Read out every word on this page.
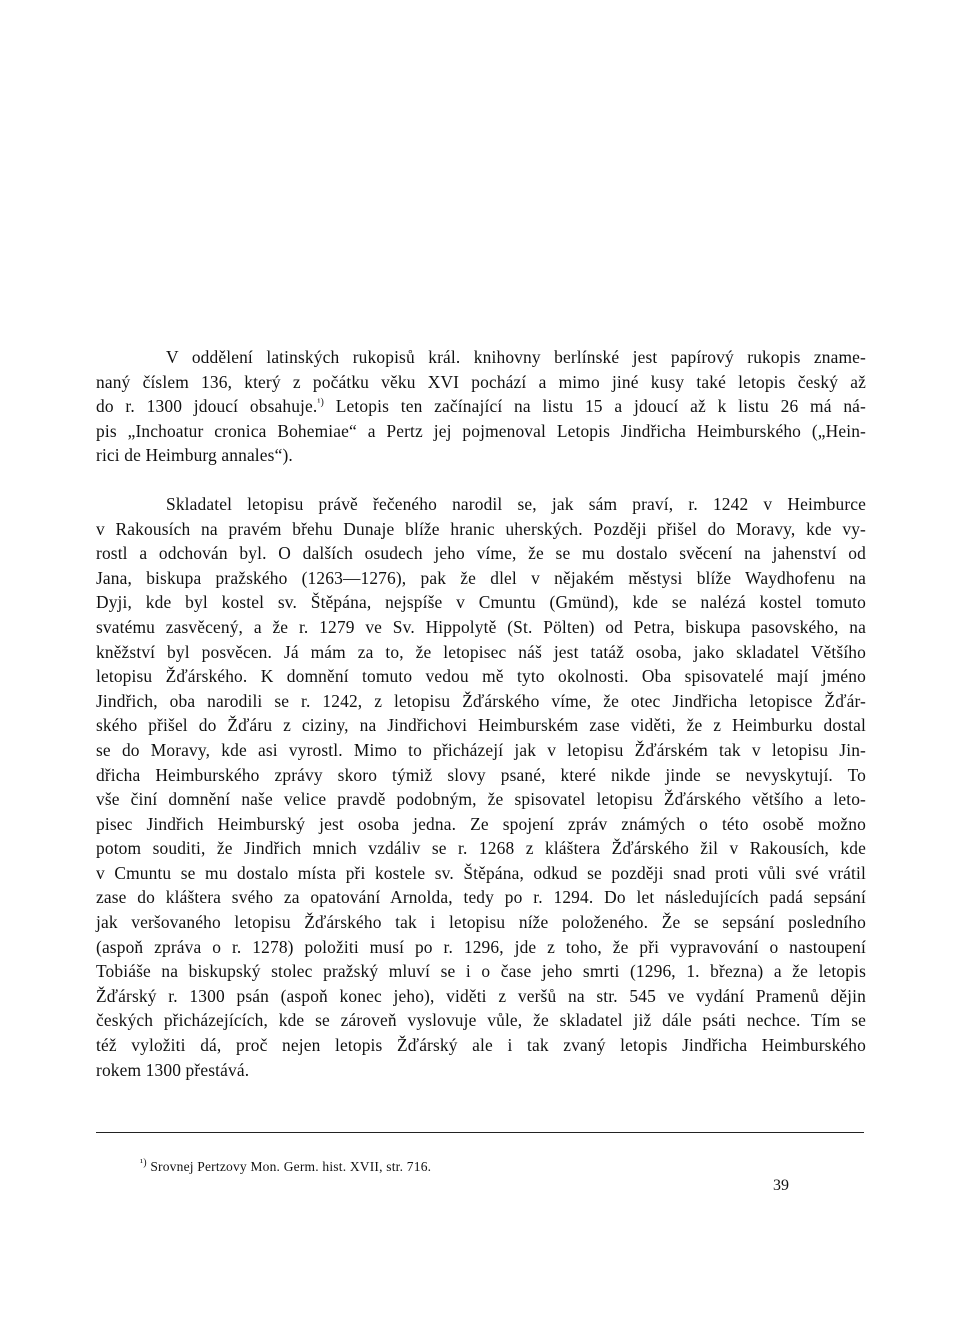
V oddělení latinských rukopisů král. knihovny berlínské jest papírový rukopis zname-
naný číslem 136, který z počátku věku XVI pochází a mimo jiné kusy také letopis český až
do r. 1300 jdoucí obsahuje.$^{^1)}$ Letopis ten začínající na listu 15 a jdoucí až k listu 26 má ná-
pis „Inchoatur cronica Bohemiae“ a Pertz jej pojmenoval Letopis Jindřicha Heimburského („Hein-
rici de Heimburg annales“).
Skladatel letopisu právě řečeného narodil se, jak sám praví, r. 1242 v Heimburce
v Rakousích na pravém břehu Dunaje blíže hranic uherských. Později přišel do Moravy, kde vy-
rostl a odchován byl. O dalších osudech jeho víme, že se mu dostalo svěcení na jahenství od
Jana, biskupa pražského (1263—1276), pak že dlel v nějakém městysi blíže Waydhofenu na
Dyji, kde byl kostel sv. Štěpána, nejspíše v Cmuntu (Gmünd), kde se nalézá kostel tomuto
svatému zasvěcený, a že r. 1279 ve Sv. Hippolytě (St. Pölten) od Petra, biskupa pasovského, na
kněžství byl posvěcen. Já mám za to, že letopisec náš jest tatáž osoba, jako skladatel Většího
letopisu Žďárského. K domnění tomuto vedou mě tyto okolnosti. Oba spisovatelé mají jméno
Jindřich, oba narodili se r. 1242, z letopisu Žďárského víme, že otec Jindřicha letopisce Žďár-
ského přišel do Žďáru z ciziny, na Jindřichovi Heimburském zase viděti, že z Heimburku dostal
se do Moravy, kde asi vyrostl. Mimo to přicházejí jak v letopisu Žďárském tak v letopisu Jin-
dřicha Heimburského zprávy skoro týmiž slovy psané, které nikde jinde se nevyskytují. To
vše činí domnění naše velice pravdě podobným, že spisovatel letopisu Žďárského většího a leto-
pisec Jindřich Heimburský jest osoba jedna. Ze spojení zpráv známých o této osobě možno
potom souditi, že Jindřich mnich vzdáliv se r. 1268 z kláštera Žďárského žil v Rakousích, kde
v Cmuntu se mu dostalo místa při kostele sv. Štěpána, odkud se později snad proti vůli své vrátil
zase do kláštera svého za opatování Arnolda, tedy po r. 1294. Do let následujících padá sepsání
jak veršovaného letopisu Žďárského tak i letopisu níže položeného. Že se sepsání posledního
(aspoň zpráva o r. 1278) položiti musí po r. 1296, jde z toho, že při vypravování o nastoupení
Tobiáše na biskupský stolec pražský mluví se i o čase jeho smrti (1296, 1. března) a že letopis
Žďárský r. 1300 psán (aspoň konec jeho), viděti z veršů na str. 545 ve vydání Pramenů dějin
českých přicházejících, kde se zároveň vyslovuje vůle, že skladatel již dále psáti nechce. Tím se
též vyložiti dá, proč nejen letopis Žďárský ale i tak zvaný letopis Jindřicha Heimburského
rokem 1300 přestává.
$^{^1)}$ Srovnej Pertzovy Mon. Germ. hist. XVII, str. 716.
39
